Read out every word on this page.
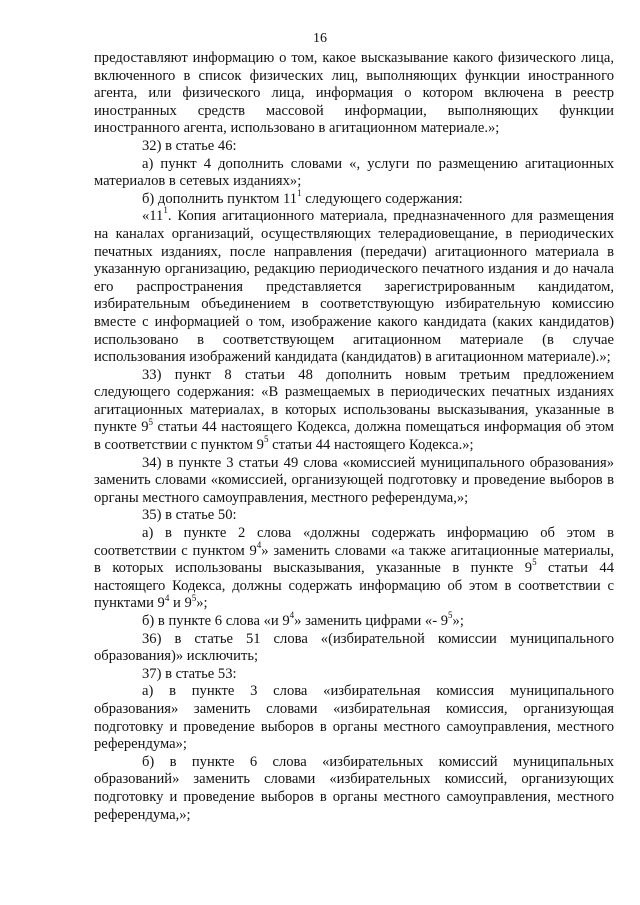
16

предоставляют информацию о том, какое высказывание какого физического лица, включенного в список физических лиц, выполняющих функции иностранного агента, или физического лица, информация о котором включена в реестр иностранных средств массовой информации, выполняющих функции иностранного агента, использовано в агитационном материале.»;

32) в статье 46:

а) пункт 4 дополнить словами «, услуги по размещению агитационных материалов в сетевых изданиях»;

б) дополнить пунктом $11^1$ следующего содержания:

«$11^1$. Копия агитационного материала, предназначенного для размещения на каналах организаций, осуществляющих телерадиовещание, в периодических печатных изданиях, после направления (передачи) агитационного материала в указанную организацию, редакцию периодического печатного издания и до начала его распространения представляется зарегистрированным кандидатом, избирательным объединением в соответствующую избирательную комиссию вместе с информацией о том, изображение какого кандидата (каких кандидатов) использовано в соответствующем агитационном материале (в случае использования изображений кандидата (кандидатов) в агитационном материале).»;

33) пункт 8 статьи 48 дополнить новым третьим предложением следующего содержания: «В размещаемых в периодических печатных изданиях агитационных материалах, в которых использованы высказывания, указанные в пункте $9^5$ статьи 44 настоящего Кодекса, должна помещаться информация об этом в соответствии с пунктом $9^5$ статьи 44 настоящего Кодекса.»;

34) в пункте 3 статьи 49 слова «комиссией муниципального образования» заменить словами «комиссией, организующей подготовку и проведение выборов в органы местного самоуправления, местного референдума,»;

35) в статье 50:

а) в пункте 2 слова «должны содержать информацию об этом в соответствии с пунктом $9^4$» заменить словами «а также агитационные материалы, в которых использованы высказывания, указанные в пункте $9^5$ статьи 44 настоящего Кодекса, должны содержать информацию об этом в соответствии с пунктами $9^4$ и $9^5$»;

б) в пункте 6 слова «и $9^4$» заменить цифрами «- $9^5$»;

36) в статье 51 слова «(избирательной комиссии муниципального образования)» исключить;

37) в статье 53:

а) в пункте 3 слова «избирательная комиссия муниципального образования» заменить словами «избирательная комиссия, организующая подготовку и проведение выборов в органы местного самоуправления, местного референдума»;

б) в пункте 6 слова «избирательных комиссий муниципальных образований» заменить словами «избирательных комиссий, организующих подготовку и проведение выборов в органы местного самоуправления, местного референдума,»;
